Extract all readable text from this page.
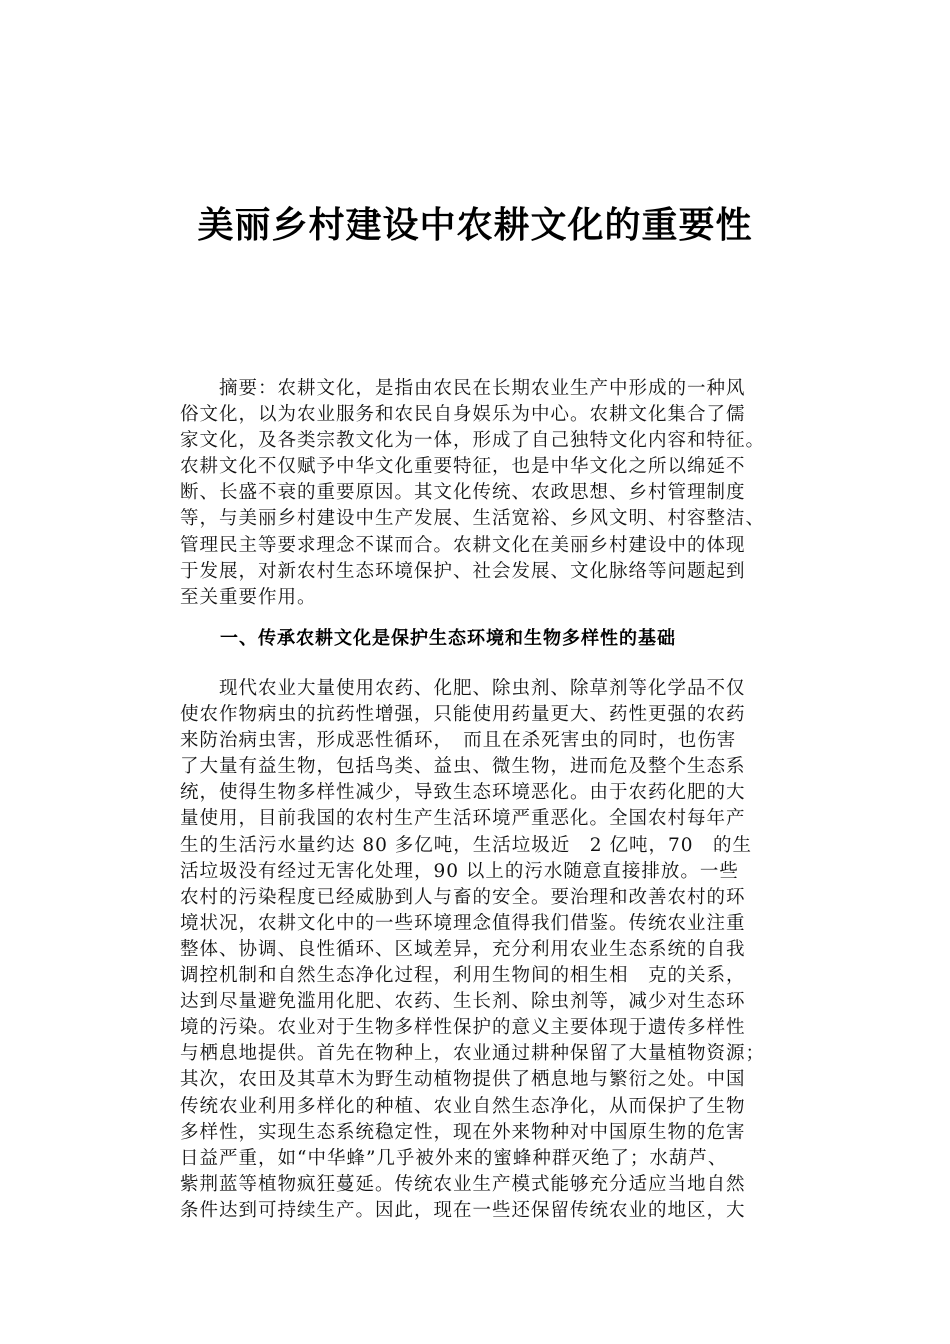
美丽乡村建设中农耕文化的重要性
　　摘要：农耕文化，是指由农民在长期农业生产中形成的一种风
俗文化，以为农业服务和农民自身娱乐为中心。农耕文化集合了儒
家文化，及各类宗教文化为一体，形成了自己独特文化内容和特征。
农耕文化不仅赋予中华文化重要特征，也是中华文化之所以绵延不
断、长盛不衰的重要原因。其文化传统、农政思想、乡村管理制度
等，与美丽乡村建设中生产发展、生活宽裕、乡风文明、村容整洁、
管理民主等要求理念不谋而合。农耕文化在美丽乡村建设中的体现
于发展，对新农村生态环境保护、社会发展、文化脉络等问题起到
至关重要作用。
一、传承农耕文化是保护生态环境和生物多样性的基础
　　现代农业大量使用农药、化肥、除虫剂、除草剂等化学品不仅
使农作物病虫的抗药性增强，只能使用药量更大、药性更强的农药
来防治病虫害，形成恶性循环，　而且在杀死害虫的同时，也伤害
了大量有益生物，包括鸟类、益虫、微生物，进而危及整个生态系
统，使得生物多样性减少，导致生态环境恶化。由于农药化肥的大
量使用，目前我国的农村生产生活环境严重恶化。全国农村每年产
生的生活污水量约达 80 多亿吨，生活垃圾近　2 亿吨，70　的生
活垃圾没有经过无害化处理，90 以上的污水随意直接排放。一些
农村的污染程度已经威胁到人与畜的安全。要治理和改善农村的环
境状况，农耕文化中的一些环境理念值得我们借鉴。传统农业注重
整体、协调、良性循环、区域差异，充分利用农业生态系统的自我
调控机制和自然生态净化过程，利用生物间的相生相　克的关系，
达到尽量避免滥用化肥、农药、生长剂、除虫剂等，减少对生态环
境的污染。农业对于生物多样性保护的意义主要体现于遗传多样性
与栖息地提供。首先在物种上，农业通过耕种保留了大量植物资源；
其次，农田及其草木为野生动植物提供了栖息地与繁衍之处。中国
传统农业利用多样化的种植、农业自然生态净化，从而保护了生物
多样性，实现生态系统稳定性，现在外来物种对中国原生物的危害
日益严重，如“中华蜂”几乎被外来的蜜蜂种群灭绝了；水葫芦、
紫荆蓝等植物疯狂蔓延。传统农业生产模式能够充分适应当地自然
条件达到可持续生产。因此，现在一些还保留传统农业的地区，大
